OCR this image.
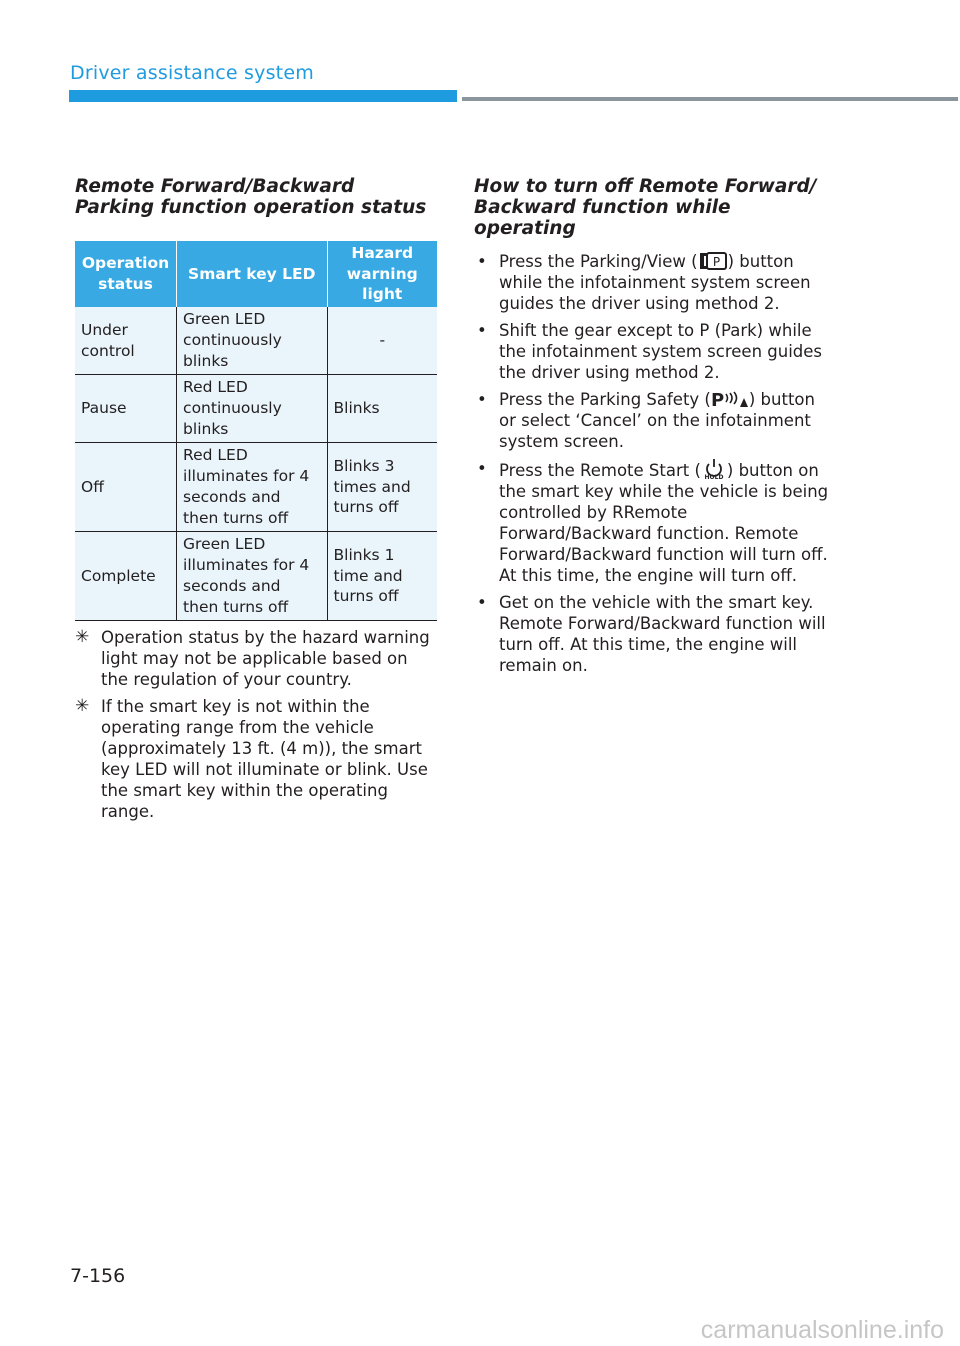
Driver assistance system
Remote Forward/Backward Parking function operation status
Operation status	Smart key LED	Hazard warning light
Under control	Green LED continuously blinks	-
Pause	Red LED continuously blinks	Blinks
Off	Red LED illuminates for 4 seconds and then turns off	Blinks 3 times and turns off
Complete	Green LED illuminates for 4 seconds and then turns off	Blinks 1 time and turns off
✳ Operation status by the hazard warning light may not be applicable based on the regulation of your country.
✳ If the smart key is not within the operating range from the vehicle (approximately 13 ft. (4 m)), the smart key LED will not illuminate or blink. Use the smart key within the operating range.
How to turn off Remote Forward/ Backward function while operating
• Press the Parking/View ( P ) button while the infotainment system screen guides the driver using method 2.
• Shift the gear except to P (Park) while the infotainment system screen guides the driver using method 2.
• Press the Parking Safety ( P ) button or select ‘Cancel’ on the infotainment system screen.
• Press the Remote Start ( HOLD ) button on the smart key while the vehicle is being controlled by RRemote Forward/Backward function. Remote Forward/Backward function will turn off. At this time, the engine will turn off.
• Get on the vehicle with the smart key. Remote Forward/Backward function will turn off. At this time, the engine will remain on.
7-156
carmanualsonline.info
